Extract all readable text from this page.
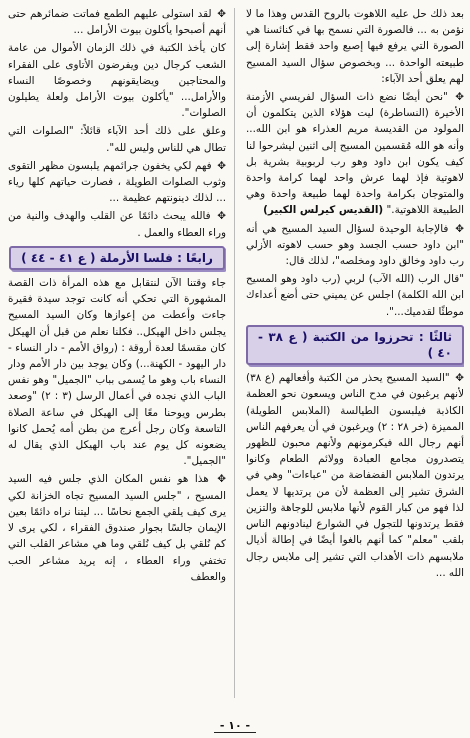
بعد ذلك حل عليه اللاهوت بالروح القدس وهذا ما لا نؤمن به ... فالصورة التي نسمح بها في كنائسنا هي الصورة التي يرفع فيها إصبع واحد فقط إشارة إلى طبيعته الواحدة ... وبخصوص سؤال السيد المسيح لهم يعلق أحد الآباء:

✥ "نحن أيضًا نضع ذات السؤال لفريسي الأزمنة الأخيرة (النساطرة) ليت هؤلاء الذين يتكلمون أن المولود من القديسة مريم العذراء هو ابن الله... وأنه هو الله مُقسمين المسيح إلى اثنين ليشرحوا لنا كيف يكون ابن داود وهو رب لربوبية بشرية بل لاهوتية فإذ لهما عرش واحد لهما كرامة واحدة والمتوجان بكرامة واحدة لهما طبيعة واحدة وهي الطبيعة اللاهوتية." (القديس كيرلس الكبير)

✥ فالإجابة الوحيدة لسؤال السيد المسيح هي أنه "ابن داود حسب الجسد وهو حسب لاهوته الأزلي رب داود وخالق داود ومخلصه"، لذلك قال:

"قال الرب (الله الآب) لربي (رب داود وهو المسيح ابن الله الكلمة) اجلس عن يميني حتى أضع أعداءك موطئًا لقدميك...".

ثالثًا : تحرزوا من الكتبة ( ع ٣٨ - ٤٠ )

✥ "السيد المسيح يحذر من الكتبة وأفعالهم (ع ٣٨) لأنهم يرغبون في مدح الناس ويسعون نحو العظمة الكاذبة فيلبسون الطيالسة (الملابس الطويلة) المميزة (خر ٢٨ : ٢) ويرغبون في أن يعرفهم الناس أنهم رجال الله فيكرمونهم ولأنهم محبون للظهور يتصدرون مجامع العبادة وولائم الطعام وكانوا يرتدون الملابس الفضفاضة من "عباءات" وهي في الشرق تشير إلى العظمة لأن من يرتديها لا يعمل لذا فهو من كبار القوم لأنها ملابس للوجاهة والتزين فقط يرتدونها للتجول في الشوارع لينادونهم الناس بلقب "معلم" كما أنهم بالغوا أيضًا في إطالة أذيال ملابسهم ذات الأهداب التي تشير إلى ملابس رجال الله ...

✥ لقد استولى عليهم الطمع فماتت ضمائرهم حتى أنهم أصبحوا يأكلون بيوت الأرامل ...

كان يأخذ الكتبة في ذلك الزمان الأموال من عامة الشعب كرجال دين ويفرضون الأتاوى على الفقراء والمحتاجين ويضايقونهم وخصوصًا النساء والأرامل... "يأكلون بيوت الأرامل ولعلة يطيلون الصلوات".

وعلق على ذلك أحد الآباء قائلاً: "الصلوات التي تطال هي للناس وليس لله".

✥ فهم لكي يخفون جرائمهم يلبسون مظهر التقوى وثوب الصلوات الطويلة ، فصارت حياتهم كلها رياء ... لذلك دينونتهم عظيمة ...

✥ فالله يبحث دائمًا عن القلب والهدف والنية من وراء العطاء والعمل .

رابعًا : فلسا الأرملة ( ع ٤١ - ٤٤ )

جاء وقتنا الآن لنتقابل مع هذه المرأة ذات القصة المشهورة التي تحكي أنه كانت توجد سيدة فقيرة جاءت وأعطت من إعوازها وكان السيد المسيح يجلس داخل الهيكل.. فكلنا نعلم من قبل أن الهيكل كان مقسمًا لعدة أروقة : (رواق الأمم - دار النساء - دار اليهود - الكهنة...) وكان يوجد بين دار الأمم ودار النساء باب وهو ما يُسمى بباب "الجميل" وهو نفس الباب الذي نجده في أعمال الرسل (٣ : ٢) "وصعد بطرس ويوحنا معًا إلى الهيكل في ساعة الصلاة التاسعة وكان رجل أعرج من بطن أمه يُحمل كانوا يضعونه كل يوم عند باب الهيكل الذي يقال له "الجميل".

✥ هذا هو نفس المكان الذي جلس فيه السيد المسيح ، "جلس السيد المسيح تجاه الخزانة لكي يرى كيف يلقي الجمع نحاسًا ... ليتنا نراه دائمًا بعين الإيمان جالسًا بجوار صندوق الفقراء ، لكي يرى لا كم نُلقي بل كيف نُلقي وما هي مشاعر القلب التي تختفي وراء العطاء ، إنه يريد مشاعر الحب والعطف

- ١٠ -
